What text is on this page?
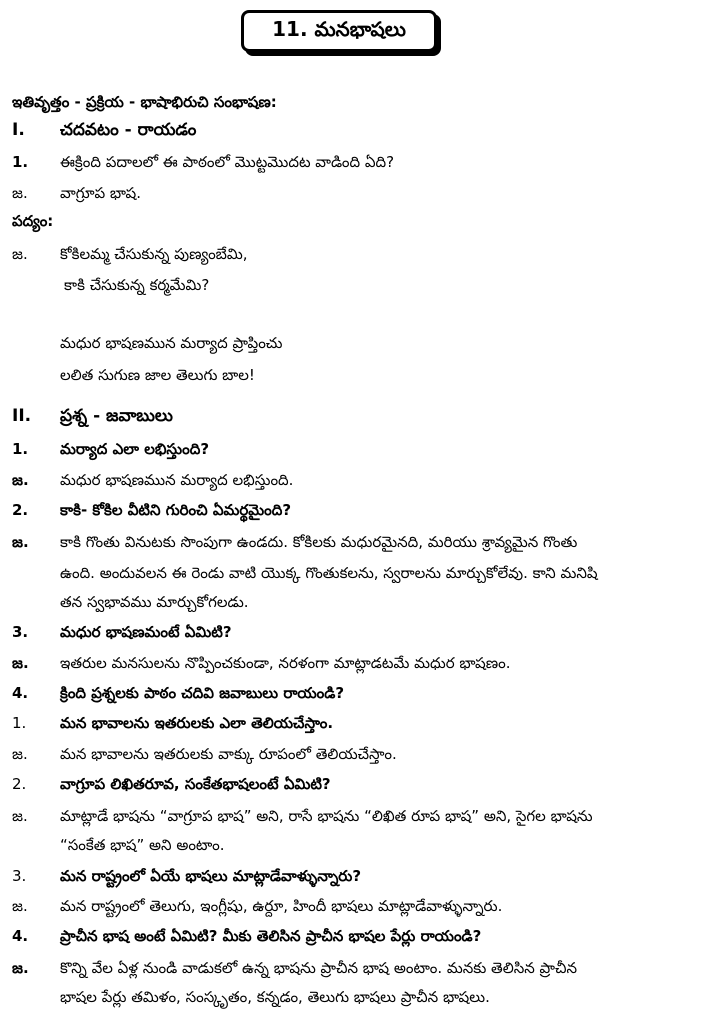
11. మనభాషలు
ఇతివృత్తం - ప్రక్రియ - భాషాభిరుచి సంభాషణ:
I. చదవటం - రాయడం
1. ఈక్రింది పదాలలో ఈ పాఠంలో మొట్టమొదట వాడింది ఏది?
జ. వాగ్రూప భాష.
పద్యం:
జ. కోకిలమ్మ చేసుకున్న పుణ్యంబేమి,
కాకి చేసుకున్న కర్మమేమి?
మధుర భాషణమున మర్యాద ప్రాప్తించు
లలిత సుగుణ జాల తెలుగు బాల!
II. ప్రశ్న - జవాబులు
1. మర్యాద ఎలా లభిస్తుంది?
జ. మధుర భాషణమున మర్యాద లభిస్తుంది.
2. కాకి- కోకిల వీటిని గురించి ఏమర్థమైంది?
జ. కాకి గొంతు వినుటకు సొంపుగా ఉండదు. కోకిలకు మధురమైనది, మరియు శ్రావ్యమైన గొంతు
ఉంది. అందువలన ఈ రెండు వాటి యొక్క గొంతుకలను, స్వరాలను మార్చుకోలేవు. కాని మనిషి
తన స్వభావము మార్చుకోగలడు.
3. మధుర భాషణమంటే ఏమిటి?
జ. ఇతరుల మనసులను నొప్పించకుండా, నరళంగా మాట్లాడటమే మధుర భాషణం.
4. క్రింది ప్రశ్నలకు పాఠం చదివి జవాబులు రాయండి?
1. మన భావాలను ఇతరులకు ఎలా తెలియచేస్తాం.
జ. మన భావాలను ఇతరులకు వాక్కు రూపంలో తెలియచేస్తాం.
2. వాగ్రూప లిఖితరూవ, సంకేతభాషలంటే ఏమిటి?
జ. మాట్లాడే భాషను “వాగ్రూప భాష” అని, రాసే భాషను “లిఖిత రూప భాష” అని, సైగల భాషను
“సంకేత భాష” అని అంటాం.
3. మన రాష్ట్రంలో ఏయే భాషలు మాట్లాడేవాళ్ళున్నారు?
జ. మన రాష్ట్రంలో తెలుగు, ఇంగ్లీషు, ఉర్దూ, హిందీ భాషలు మాట్లాడేవాళ్ళున్నారు.
4. ప్రాచీన భాష అంటే ఏమిటి? మీకు తెలిసిన ప్రాచీన భాషల పేర్లు రాయండి?
జ. కొన్ని వేల ఏళ్ల నుండి వాడుకలో ఉన్న భాషను ప్రాచీన భాష అంటాం. మనకు తెలిసిన ప్రాచీన
భాషల పేర్లు తమిళం, సంస్కృతం, కన్నడం, తెలుగు భాషలు ప్రాచీన భాషలు.
